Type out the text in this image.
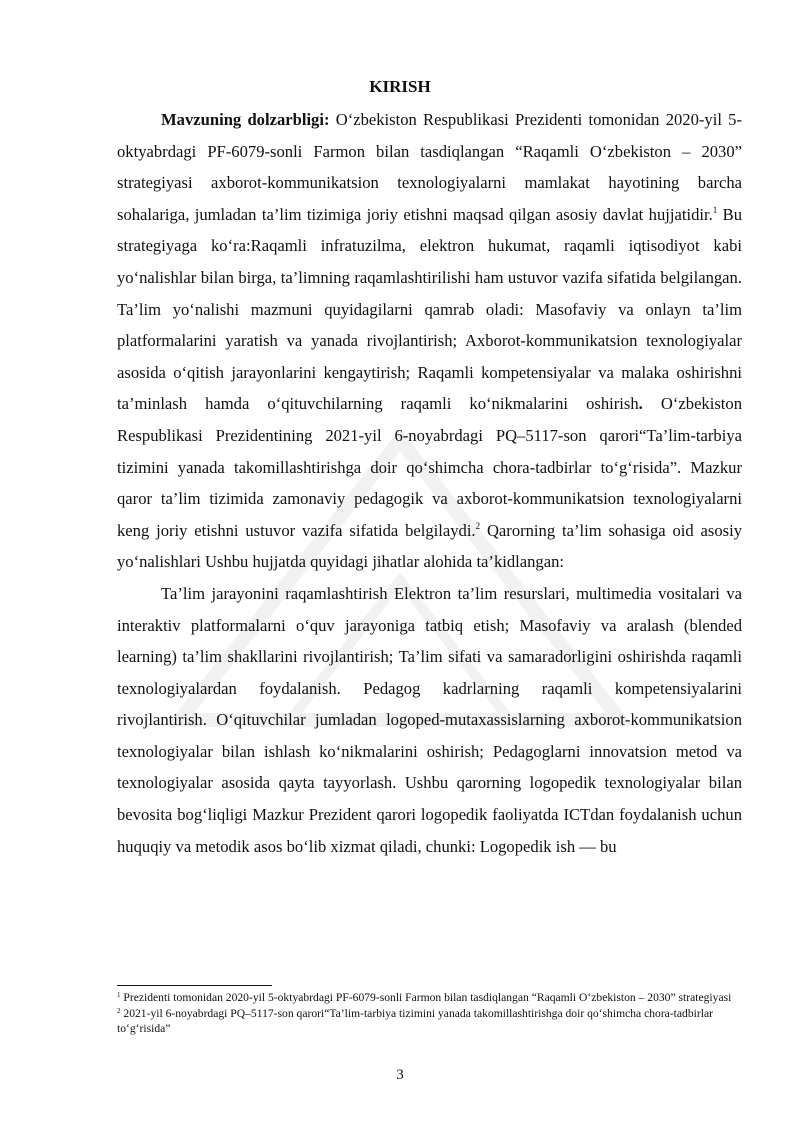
KIRISH

Mavzuning dolzarbligi: O‘zbekiston Respublikasi Prezidenti tomonidan 2020-yil 5-oktyabrdagi PF-6079-sonli Farmon bilan tasdiqlangan “Raqamli O‘zbekiston – 2030” strategiyasi axborot-kommunikatsion texnologiyalarni mamlakat hayotining barcha sohalariga, jumladan ta’lim tizimiga joriy etishni maqsad qilgan asosiy davlat hujjatidir.$^1$ Bu strategiyaga ko‘ra:Raqamli infratuzilma, elektron hukumat, raqamli iqtisodiyot kabi yo‘nalishlar bilan birga, ta’limning raqamlashtirilishi ham ustuvor vazifa sifatida belgilangan. Ta’lim yo‘nalishi mazmuni quyidagilarni qamrab oladi: Masofaviy va onlayn ta’lim platformalarini yaratish va yanada rivojlantirish; Axborot-kommunikatsion texnologiyalar asosida o‘qitish jarayonlarini kengaytirish; Raqamli kompetensiyalar va malaka oshirishni ta’minlash hamda o‘qituvchilarning raqamli ko‘nikmalarini oshirish. O‘zbekiston Respublikasi Prezidentining 2021-yil 6-noyabrdagi PQ–5117-son qarori“Ta’lim-tarbiya tizimini yanada takomillashtirishga doir qo‘shimcha chora-tadbirlar to‘g‘risida”. Mazkur qaror ta’lim tizimida zamonaviy pedagogik va axborot-kommunikatsion texnologiyalarni keng joriy etishni ustuvor vazifa sifatida belgilaydi.$^2$ Qarorning ta’lim sohasiga oid asosiy yo‘nalishlari Ushbu hujjatda quyidagi jihatlar alohida ta’kidlangan:

Ta’lim jarayonini raqamlashtirish Elektron ta’lim resurslari, multimedia vositalari va interaktiv platformalarni o‘quv jarayoniga tatbiq etish; Masofaviy va aralash (blended learning) ta’lim shakllarini rivojlantirish; Ta’lim sifati va samaradorligini oshirishda raqamli texnologiyalardan foydalanish. Pedagog kadrlarning raqamli kompetensiyalarini rivojlantirish. O‘qituvchilar jumladan logoped-mutaxassislarning axborot-kommunikatsion texnologiyalar bilan ishlash ko‘nikmalarini oshirish; Pedagoglarni innovatsion metod va texnologiyalar asosida qayta tayyorlash. Ushbu qarorning logopedik texnologiyalar bilan bevosita bog‘liqligi Mazkur Prezident qarori logopedik faoliyatda ICTdan foydalanish uchun huquqiy va metodik asos bo‘lib xizmat qiladi, chunki: Logopedik ish — bu

$^1$ Prezidenti tomonidan 2020-yil 5-oktyabrdagi PF-6079-sonli Farmon bilan tasdiqlangan “Raqamli O‘zbekiston – 2030” strategiyasi

$^2$ 2021-yil 6-noyabrdagi PQ–5117-son qarori“Ta’lim-tarbiya tizimini yanada takomillashtirishga doir qo‘shimcha chora-tadbirlar to‘g‘risida”

3
